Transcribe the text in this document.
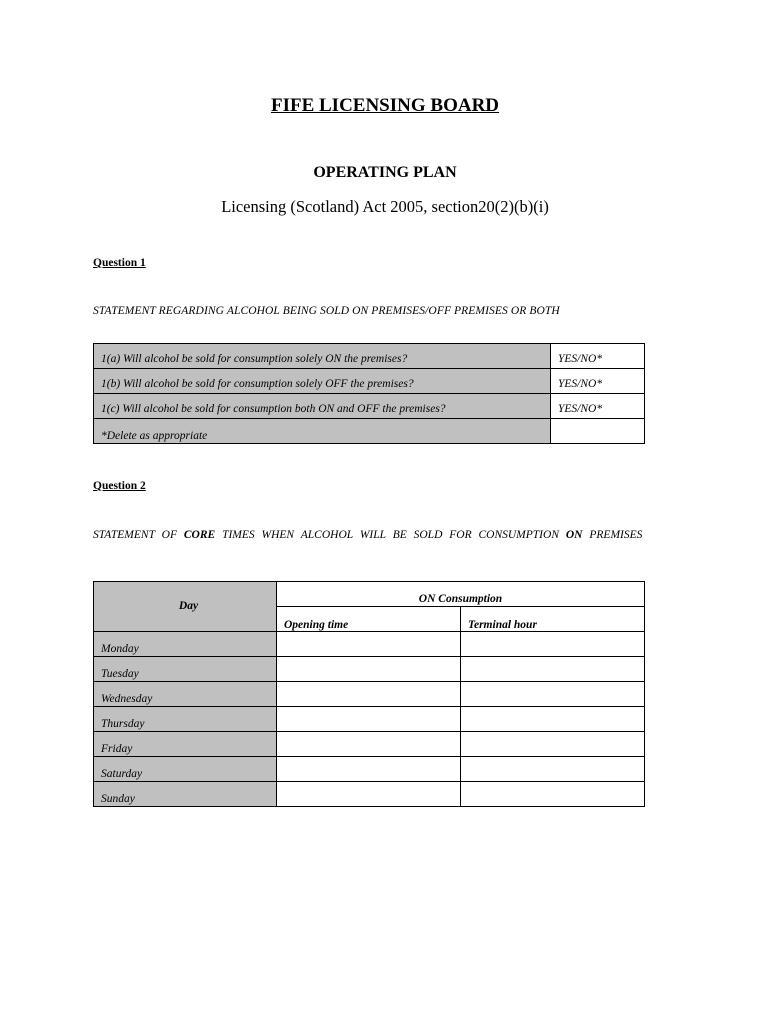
FIFE LICENSING BOARD
OPERATING PLAN
Licensing (Scotland) Act 2005, section20(2)(b)(i)
Question 1
STATEMENT REGARDING ALCOHOL BEING SOLD ON PREMISES/OFF PREMISES OR BOTH
1(a) Will alcohol be sold for consumption solely ON the premises?	YES/NO*
1(b) Will alcohol be sold for consumption solely OFF the premises?	YES/NO*
1(c) Will alcohol be sold for consumption both ON and OFF the premises?	YES/NO*
*Delete as appropriate	
Question 2
STATEMENT OF CORE TIMES WHEN ALCOHOL WILL BE SOLD FOR CONSUMPTION ON PREMISES
Day	ON Consumption	
	Opening time	Terminal hour
Monday		
Tuesday		
Wednesday		
Thursday		
Friday		
Saturday		
Sunday		
